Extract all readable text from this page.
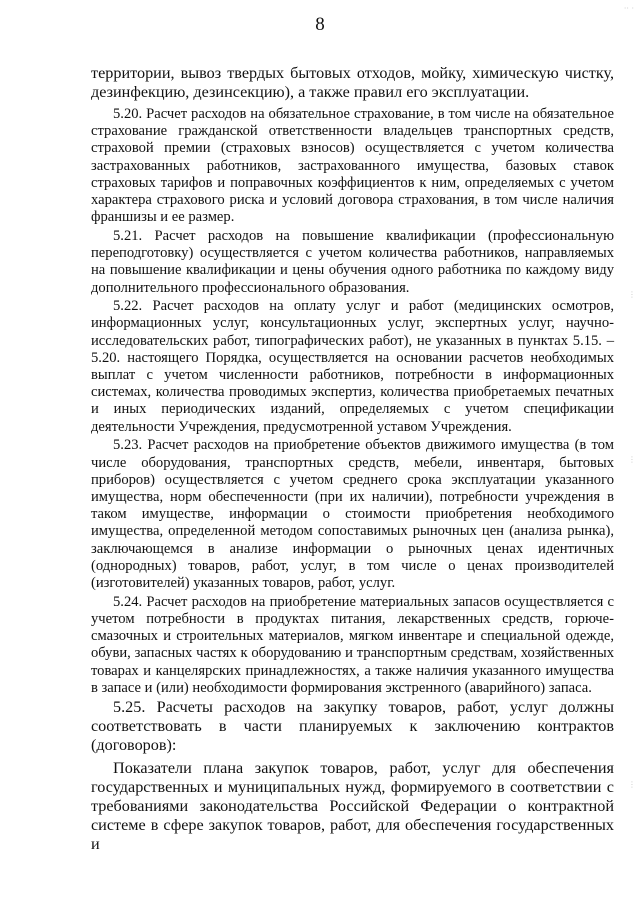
8

территории, вывоз твердых бытовых отходов, мойку, химическую чистку, дезинфекцию, дезинсекцию), а также правил его эксплуатации.

5.20. Расчет расходов на обязательное страхование, в том числе на обязательное страхование гражданской ответственности владельцев транспортных средств, страховой премии (страховых взносов) осуществляется с учетом количества застрахованных работников, застрахованного имущества, базовых ставок страховых тарифов и поправочных коэффициентов к ним, определяемых с учетом характера страхового риска и условий договора страхования, в том числе наличия франшизы и ее размер.

5.21. Расчет расходов на повышение квалификации (профессиональную переподготовку) осуществляется с учетом количества работников, направляемых на повышение квалификации и цены обучения одного работника по каждому виду дополнительного профессионального образования.

5.22. Расчет расходов на оплату услуг и работ (медицинских осмотров, информационных услуг, консультационных услуг, экспертных услуг, научно-исследовательских работ, типографических работ), не указанных в пунктах 5.15. – 5.20. настоящего Порядка, осуществляется на основании расчетов необходимых выплат с учетом численности работников, потребности в информационных системах, количества проводимых экспертиз, количества приобретаемых печатных и иных периодических изданий, определяемых с учетом спецификации деятельности Учреждения, предусмотренной уставом Учреждения.

5.23. Расчет расходов на приобретение объектов движимого имущества (в том числе оборудования, транспортных средств, мебели, инвентаря, бытовых приборов) осуществляется с учетом среднего срока эксплуатации указанного имущества, норм обеспеченности (при их наличии), потребности учреждения в таком имуществе, информации о стоимости приобретения необходимого имущества, определенной методом сопоставимых рыночных цен (анализа рынка), заключающемся в анализе информации о рыночных ценах идентичных (однородных) товаров, работ, услуг, в том числе о ценах производителей (изготовителей) указанных товаров, работ, услуг.

5.24. Расчет расходов на приобретение материальных запасов осуществляется с учетом потребности в продуктах питания, лекарственных средств, горюче-смазочных и строительных материалов, мягком инвентаре и специальной одежде, обуви, запасных частях к оборудованию и транспортным средствам, хозяйственных товарах и канцелярских принадлежностях, а также наличия указанного имущества в запасе и (или) необходимости формирования экстренного (аварийного) запаса.

5.25. Расчеты расходов на закупку товаров, работ, услуг должны соответствовать в части планируемых к заключению контрактов (договоров):

Показатели плана закупок товаров, работ, услуг для обеспечения государственных и муниципальных нужд, формируемого в соответствии с требованиями законодательства Российской Федерации о контрактной системе в сфере закупок товаров, работ, для обеспечения государственных и

·· ·
⋮
⋮
⋮
